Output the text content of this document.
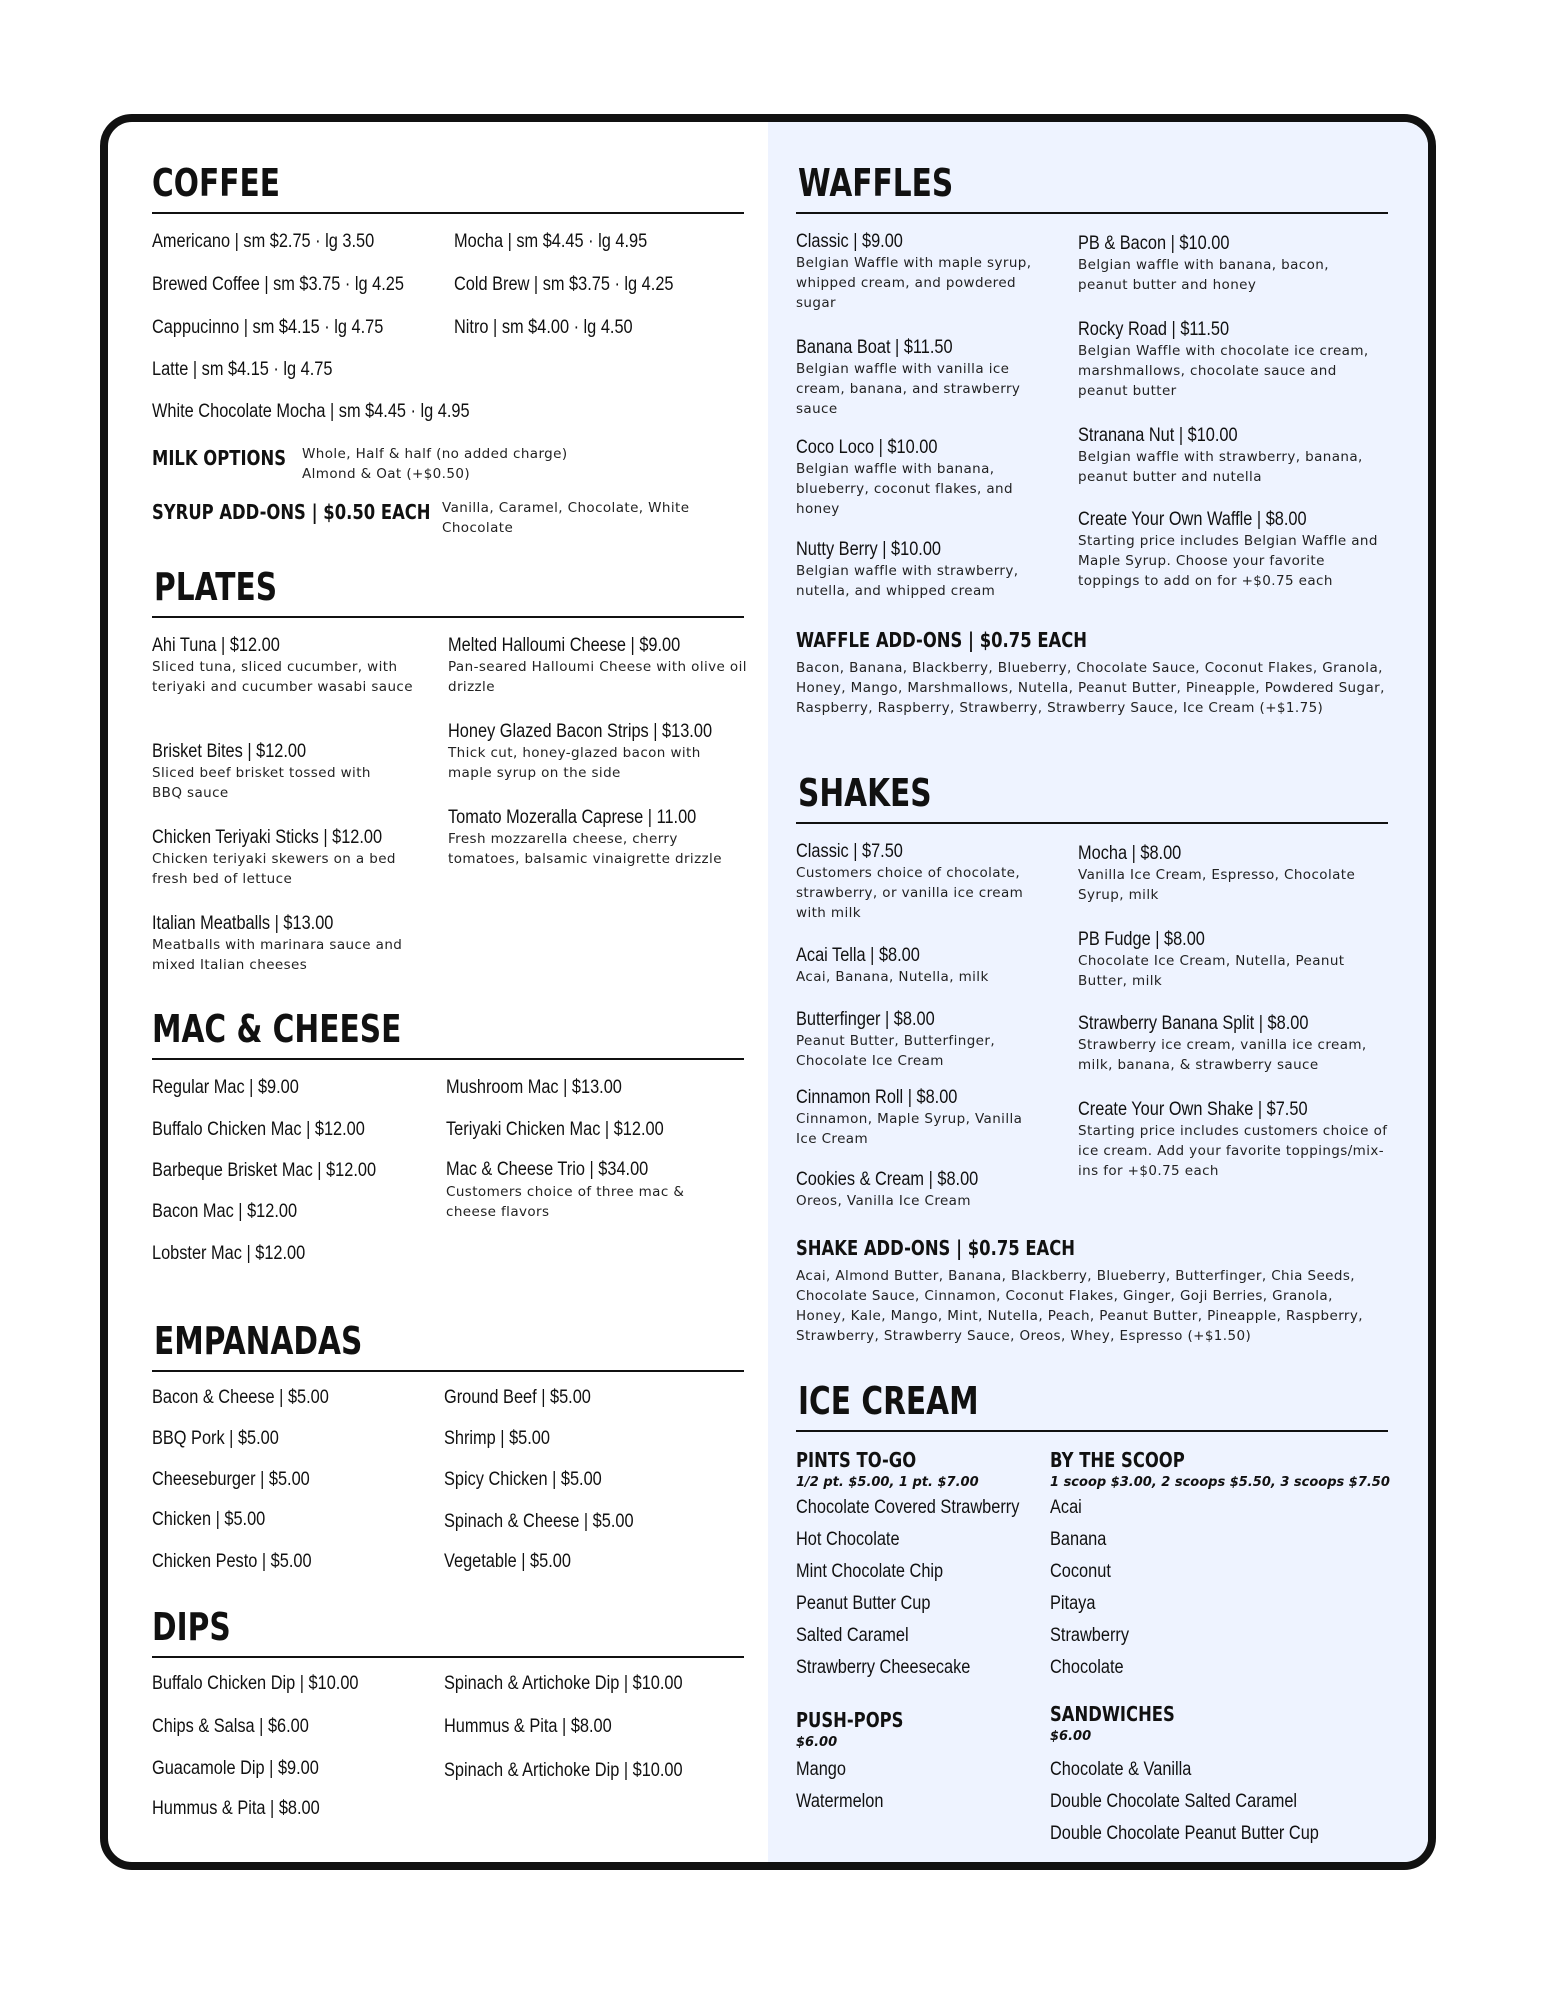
COFFEE
Americano | sm $2.75 · lg 3.50
Brewed Coffee | sm $3.75 · lg 4.25
Cappucinno | sm $4.15 · lg 4.75
Latte | sm $4.15 · lg 4.75
White Chocolate Mocha | sm $4.45 · lg 4.95
Mocha | sm $4.45 · lg 4.95
Cold Brew | sm $3.75 · lg 4.25
Nitro | sm $4.00 · lg 4.50
MILK OPTIONS Whole, Half & half (no added charge)
Almond & Oat (+$0.50)
SYRUP ADD-ONS | $0.50 EACH Vanilla, Caramel, Chocolate, White
Chocolate
PLATES
Ahi Tuna | $12.00
Sliced tuna, sliced cucumber, with teriyaki and cucumber wasabi sauce
Brisket Bites | $12.00
Sliced beef brisket tossed with BBQ sauce
Chicken Teriyaki Sticks | $12.00
Chicken teriyaki skewers on a bed fresh bed of lettuce
Italian Meatballs | $13.00
Meatballs with marinara sauce and mixed Italian cheeses
Melted Halloumi Cheese | $9.00
Pan-seared Halloumi Cheese with olive oil drizzle
Honey Glazed Bacon Strips | $13.00
Thick cut, honey-glazed bacon with maple syrup on the side
Tomato Mozeralla Caprese | 11.00
Fresh mozzarella cheese, cherry tomatoes, balsamic vinaigrette drizzle
MAC & CHEESE
Regular Mac | $9.00
Buffalo Chicken Mac | $12.00
Barbeque Brisket Mac | $12.00
Bacon Mac | $12.00
Lobster Mac | $12.00
Mushroom Mac | $13.00
Teriyaki Chicken Mac | $12.00
Mac & Cheese Trio | $34.00
Customers choice of three mac & cheese flavors
EMPANADAS
Bacon & Cheese | $5.00
BBQ Pork | $5.00
Cheeseburger | $5.00
Chicken | $5.00
Chicken Pesto | $5.00
Ground Beef | $5.00
Shrimp | $5.00
Spicy Chicken | $5.00
Spinach & Cheese | $5.00
Vegetable | $5.00
DIPS
Buffalo Chicken Dip | $10.00
Chips & Salsa | $6.00
Guacamole Dip | $9.00
Hummus & Pita | $8.00
Spinach & Artichoke Dip | $10.00
Hummus & Pita | $8.00
Spinach & Artichoke Dip | $10.00
WAFFLES
Classic | $9.00
Belgian Waffle with maple syrup, whipped cream, and powdered sugar
Banana Boat | $11.50
Belgian waffle with vanilla ice cream, banana, and strawberry sauce
Coco Loco | $10.00
Belgian waffle with banana, blueberry, coconut flakes, and honey
Nutty Berry | $10.00
Belgian waffle with strawberry, nutella, and whipped cream
PB & Bacon | $10.00
Belgian waffle with banana, bacon, peanut butter and honey
Rocky Road | $11.50
Belgian Waffle with chocolate ice cream, marshmallows, chocolate sauce and peanut butter
Stranana Nut | $10.00
Belgian waffle with strawberry, banana, peanut butter and nutella
Create Your Own Waffle | $8.00
Starting price includes Belgian Waffle and Maple Syrup. Choose your favorite toppings to add on for +$0.75 each
WAFFLE ADD-ONS | $0.75 EACH
Bacon, Banana, Blackberry, Blueberry, Chocolate Sauce, Coconut Flakes, Granola, Honey, Mango, Marshmallows, Nutella, Peanut Butter, Pineapple, Powdered Sugar, Raspberry, Raspberry, Strawberry, Strawberry Sauce, Ice Cream (+$1.75)
SHAKES
Classic | $7.50
Customers choice of chocolate, strawberry, or vanilla ice cream with milk
Acai Tella | $8.00
Acai, Banana, Nutella, milk
Butterfinger | $8.00
Peanut Butter, Butterfinger, Chocolate Ice Cream
Cinnamon Roll | $8.00
Cinnamon, Maple Syrup, Vanilla Ice Cream
Cookies & Cream | $8.00
Oreos, Vanilla Ice Cream
Mocha | $8.00
Vanilla Ice Cream, Espresso, Chocolate Syrup, milk
PB Fudge | $8.00
Chocolate Ice Cream, Nutella, Peanut Butter, milk
Strawberry Banana Split | $8.00
Strawberry ice cream, vanilla ice cream, milk, banana, & strawberry sauce
Create Your Own Shake | $7.50
Starting price includes customers choice of ice cream. Add your favorite toppings/mix-ins for +$0.75 each
SHAKE ADD-ONS | $0.75 EACH
Acai, Almond Butter, Banana, Blackberry, Blueberry, Butterfinger, Chia Seeds, Chocolate Sauce, Cinnamon, Coconut Flakes, Ginger, Goji Berries, Granola, Honey, Kale, Mango, Mint, Nutella, Peach, Peanut Butter, Pineapple, Raspberry, Strawberry, Strawberry Sauce, Oreos, Whey, Espresso (+$1.50)
ICE CREAM
PINTS TO-GO
1/2 pt. $5.00, 1 pt. $7.00
Chocolate Covered Strawberry
Hot Chocolate
Mint Chocolate Chip
Peanut Butter Cup
Salted Caramel
Strawberry Cheesecake
BY THE SCOOP
1 scoop $3.00, 2 scoops $5.50, 3 scoops $7.50
Acai
Banana
Coconut
Pitaya
Strawberry
Chocolate
PUSH-POPS
$6.00
Mango
Watermelon
SANDWICHES
$6.00
Chocolate & Vanilla
Double Chocolate Salted Caramel
Double Chocolate Peanut Butter Cup
